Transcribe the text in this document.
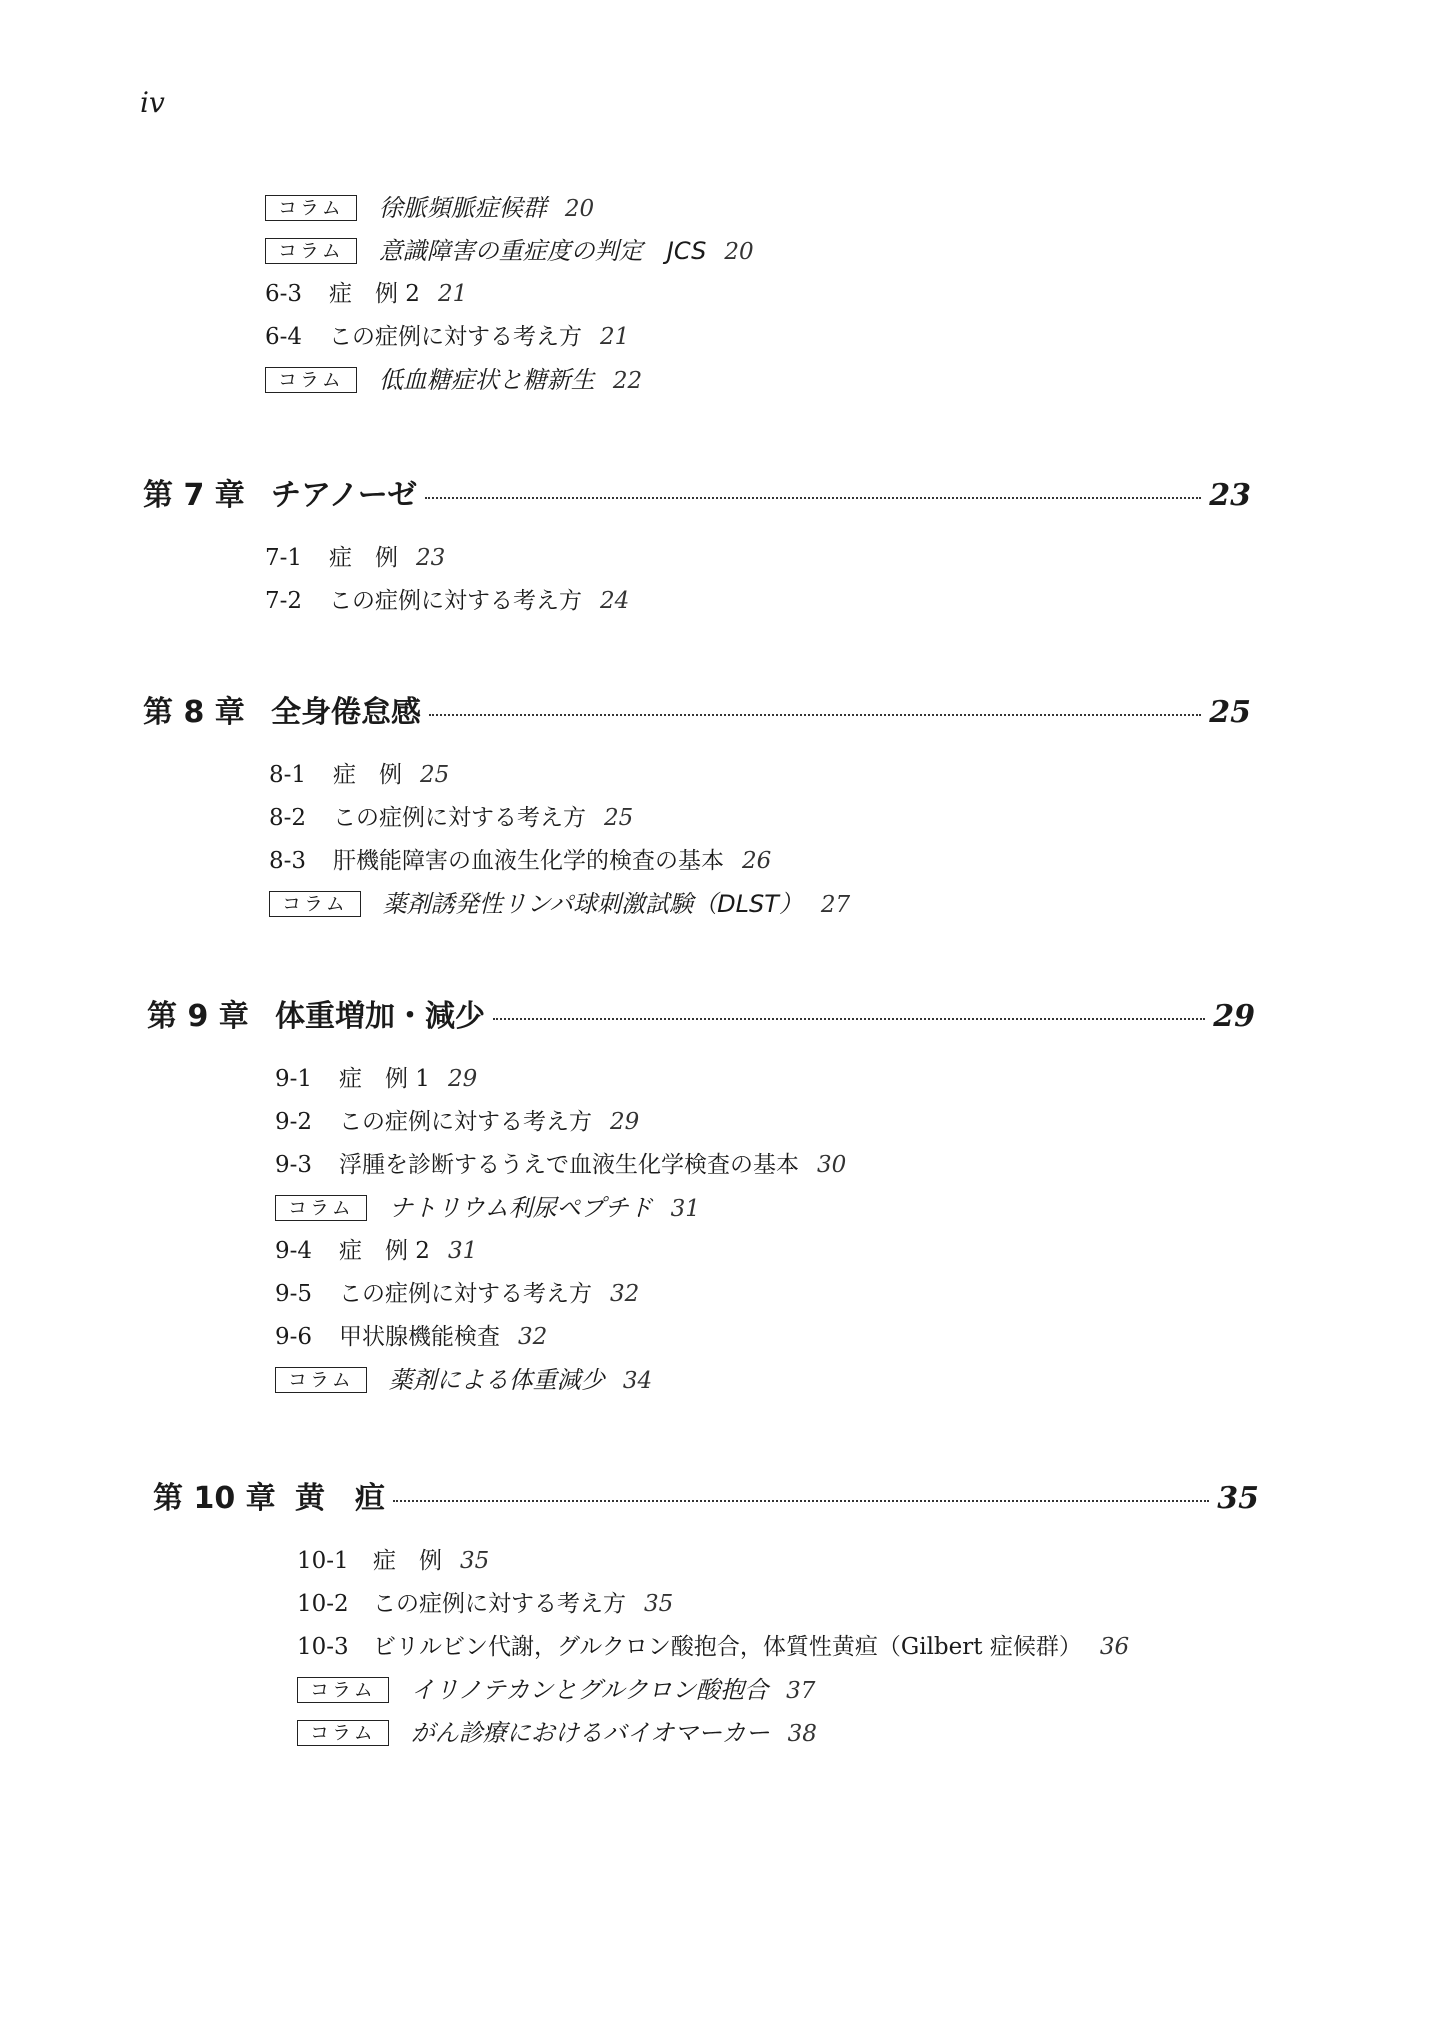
iv
コラム 徐脈頻脈症候群 20
コラム 意識障害の重症度の判定　JCS 20
6-3 症　例 2 21
6-4 この症例に対する考え方 21
コラム 低血糖症状と糖新生 22
第 7 章 チアノーゼ	23
7-1 症　例 23
7-2 この症例に対する考え方 24
第 8 章 全身倦怠感	25
8-1 症　例 25
8-2 この症例に対する考え方 25
8-3 肝機能障害の血液生化学的検査の基本 26
コラム 薬剤誘発性リンパ球刺激試験（DLST） 27
第 9 章 体重増加・減少	29
9-1 症　例 1 29
9-2 この症例に対する考え方 29
9-3 浮腫を診断するうえで血液生化学検査の基本 30
コラム ナトリウム利尿ペプチド 31
9-4 症　例 2 31
9-5 この症例に対する考え方 32
9-6 甲状腺機能検査 32
コラム 薬剤による体重減少 34
第 10 章 黄　疸	35
10-1 症　例 35
10-2 この症例に対する考え方 35
10-3 ビリルビン代謝，グルクロン酸抱合，体質性黄疸（Gilbert 症候群） 36
コラム イリノテカンとグルクロン酸抱合 37
コラム がん診療におけるバイオマーカー 38
